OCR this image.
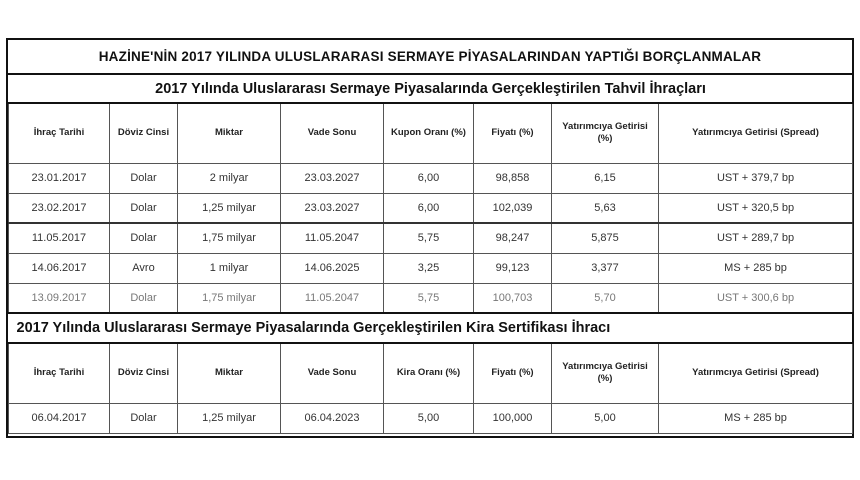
HAZİNE'NİN 2017 YILINDA ULUSLARARASI SERMAYE PİYASALARINDAN YAPTIĞI BORÇLANMALAR
2017 Yılında Uluslararası Sermaye Piyasalarında Gerçekleştirilen Tahvil İhraçları							
İhraç Tarihi	Döviz Cinsi	Miktar	Vade Sonu	Kupon Oranı (%)	Fiyatı (%)	Yatırımcıya Getirisi (%)	Yatırımcıya Getirisi (Spread)
23.01.2017	Dolar	2 milyar	23.03.2027	6,00	98,858	6,15	UST + 379,7 bp
23.02.2017	Dolar	1,25 milyar	23.03.2027	6,00	102,039	5,63	UST + 320,5 bp
11.05.2017	Dolar	1,75 milyar	11.05.2047	5,75	98,247	5,875	UST + 289,7 bp
14.06.2017	Avro	1 milyar	14.06.2025	3,25	99,123	3,377	MS + 285 bp
13.09.2017	Dolar	1,75 milyar	11.05.2047	5,75	100,703	5,70	UST + 300,6 bp
2017 Yılında Uluslararası Sermaye Piyasalarında Gerçekleştirilen Kira Sertifikası İhracı							
İhraç Tarihi	Döviz Cinsi	Miktar	Vade Sonu	Kira Oranı (%)	Fiyatı (%)	Yatırımcıya Getirisi (%)	Yatırımcıya Getirisi (Spread)
06.04.2017	Dolar	1,25 milyar	06.04.2023	5,00	100,000	5,00	MS + 285 bp
